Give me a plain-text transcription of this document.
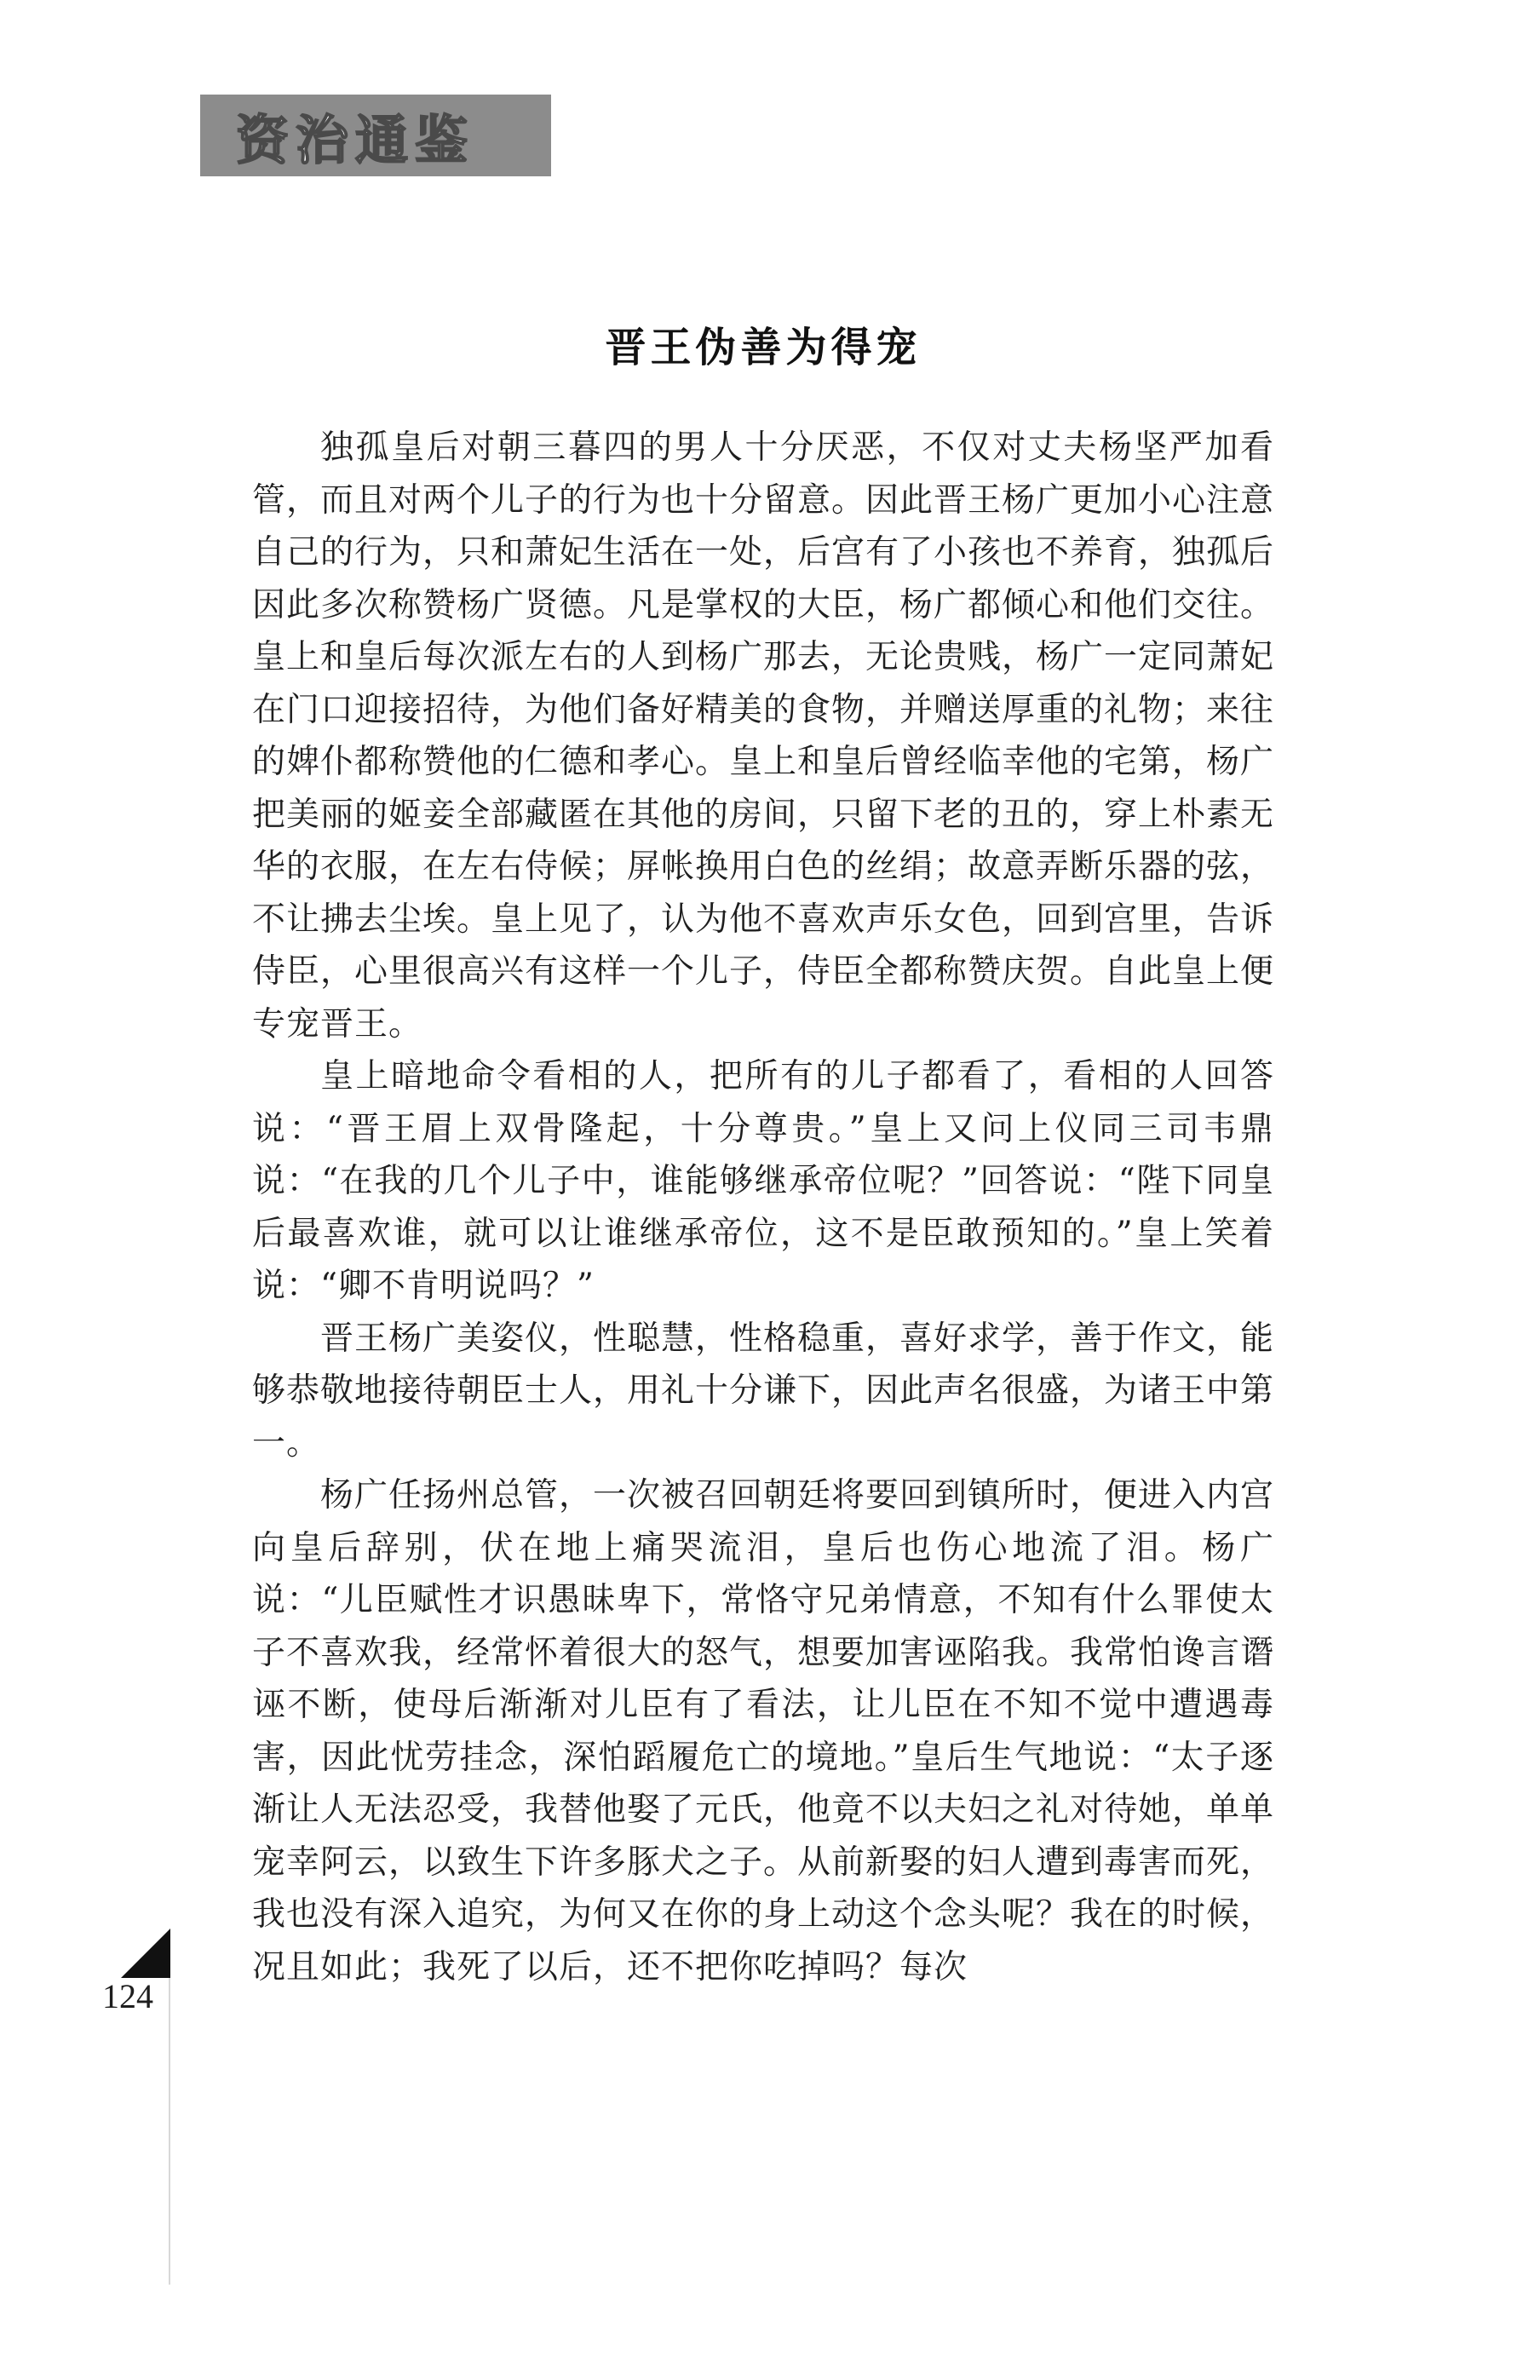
资治通鉴
晋王伪善为得宠

独孤皇后对朝三暮四的男人十分厌恶，不仅对丈夫杨坚严加看管，而且对两个儿子的行为也十分留意。因此晋王杨广更加小心注意自己的行为，只和萧妃生活在一处，后宫有了小孩也不养育，独孤后因此多次称赞杨广贤德。凡是掌权的大臣，杨广都倾心和他们交往。皇上和皇后每次派左右的人到杨广那去，无论贵贱，杨广一定同萧妃在门口迎接招待，为他们备好精美的食物，并赠送厚重的礼物；来往的婢仆都称赞他的仁德和孝心。皇上和皇后曾经临幸他的宅第，杨广把美丽的姬妾全部藏匿在其他的房间，只留下老的丑的，穿上朴素无华的衣服，在左右侍候；屏帐换用白色的丝绢；故意弄断乐器的弦，不让拂去尘埃。皇上见了，认为他不喜欢声乐女色，回到宫里，告诉侍臣，心里很高兴有这样一个儿子，侍臣全都称赞庆贺。自此皇上便专宠晋王。

皇上暗地命令看相的人，把所有的儿子都看了，看相的人回答说：“晋王眉上双骨隆起，十分尊贵。”皇上又问上仪同三司韦鼎说：“在我的几个儿子中，谁能够继承帝位呢？”回答说：“陛下同皇后最喜欢谁，就可以让谁继承帝位，这不是臣敢预知的。”皇上笑着说：“卿不肯明说吗？”

晋王杨广美姿仪，性聪慧，性格稳重，喜好求学，善于作文，能够恭敬地接待朝臣士人，用礼十分谦下，因此声名很盛，为诸王中第一。

杨广任扬州总管，一次被召回朝廷将要回到镇所时，便进入内宫向皇后辞别，伏在地上痛哭流泪，皇后也伤心地流了泪。杨广说：“儿臣赋性才识愚昧卑下，常恪守兄弟情意，不知有什么罪使太子不喜欢我，经常怀着很大的怒气，想要加害诬陷我。我常怕谗言谮诬不断，使母后渐渐对儿臣有了看法，让儿臣在不知不觉中遭遇毒害，因此忧劳挂念，深怕蹈履危亡的境地。”皇后生气地说：“太子逐渐让人无法忍受，我替他娶了元氏，他竟不以夫妇之礼对待她，单单宠幸阿云，以致生下许多豚犬之子。从前新娶的妇人遭到毒害而死，我也没有深入追究，为何又在你的身上动这个念头呢？我在的时候，况且如此；我死了以后，还不把你吃掉吗？每次

124
